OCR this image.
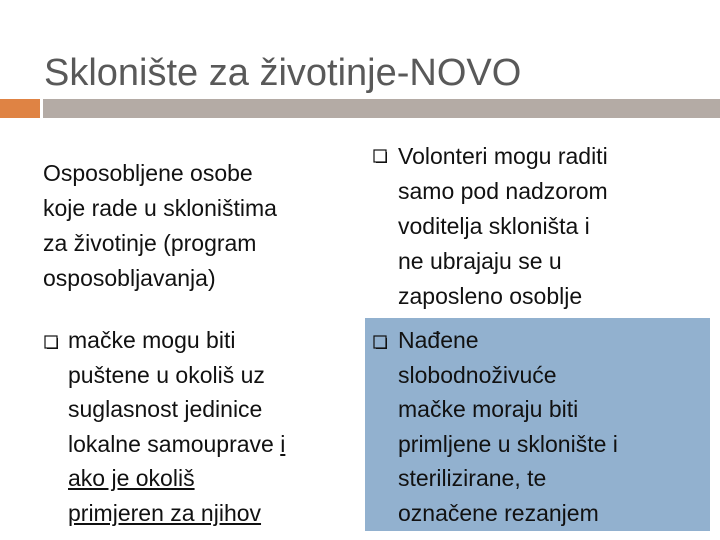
Sklonište za životinje-NOVO
Osposobljene osobe
koje rade u skloništima
za životinje (program
osposobljavanja)
mačke mogu biti
puštene u okoliš uz
suglasnost jedinice
lokalne samouprave i
ako je okoliš
primjeren za njihov
Volonteri mogu raditi
samo pod nadzorom
voditelja skloništa i
ne ubrajaju se u
zaposleno osoblje
Nađene
slobodnoživuće
mačke moraju biti
primljene u sklonište i
sterilizirane, te
označene rezanjem
